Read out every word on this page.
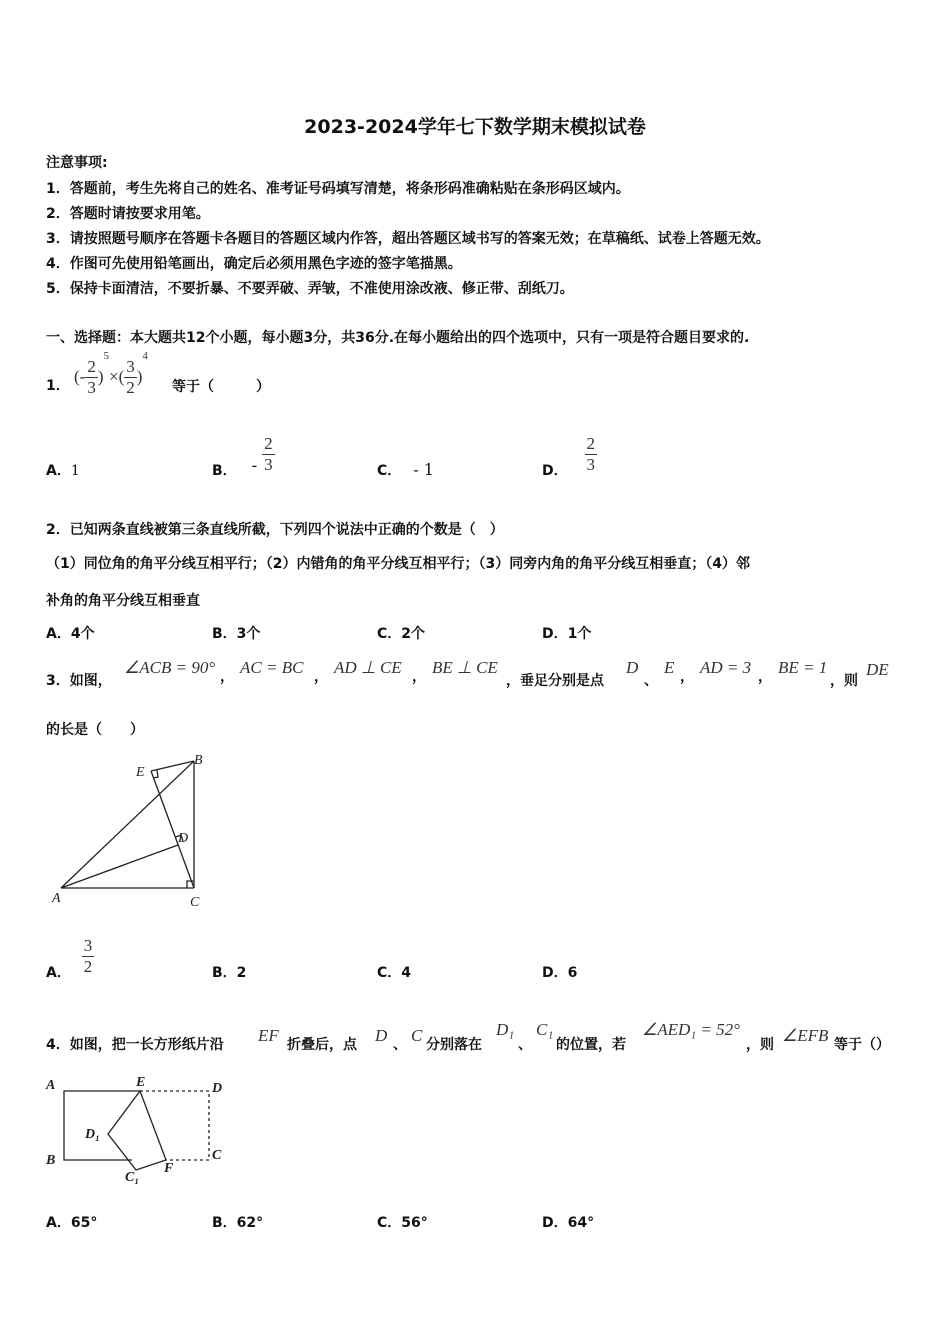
2023-2024学年七下数学期末模拟试卷
注意事项:
1．答题前，考生先将自己的姓名、准考证号码填写清楚，将条形码准确粘贴在条形码区域内。
2．答题时请按要求用笔。
3．请按照题号顺序在答题卡各题目的答题区域内作答，超出答题区域书写的答案无效；在草稿纸、试卷上答题无效。
4．作图可先使用铅笔画出，确定后必须用黑色字迹的签字笔描黑。
5．保持卡面清洁，不要折暴、不要弄破、弄皱，不准使用涂改液、修正带、刮纸刀。
一、选择题：本大题共12个小题，每小题3分，共36分.在每小题给出的四个选项中，只有一项是符合题目要求的.
1． (- $\frac{2}{3} )^5\times( \frac{3}{2} )^4$
等于（　　　）
A．1	B． - $\frac{2}{3}$	C． - 1	D． $\frac{2}{3}$
2．已知两条直线被第三条直线所截，下列四个说法中正确的个数是（　）
（1）同位角的角平分线互相平行；（2）内错角的角平分线互相平行；（3）同旁内角的角平分线互相垂直；（4）邻
补角的角平分线互相垂直
A．4个	B．3个	C．2个	D．1个
3．如图，
∠ACB = 90° ， AC = BC ， AD ⊥ CE ， BE ⊥ CE
，垂足分别是点
D
、
E ， AD = 3 ， BE = 1
，则
DE
的长是（　　）
A
B
C
D
E
A． $\frac{3}{2}$	B．2	C．4	D．6
4．如图，把一长方形纸片沿 EF 折叠后，点 D 、 C 分别落在
D₁
、
C₁
的位置，若
∠AED₁ = 52°
，则 ∠EFB 等于（）
A
B	C
D
E
F
D₁
C₁
A．65°	B．62°	C．56°	D．64°
